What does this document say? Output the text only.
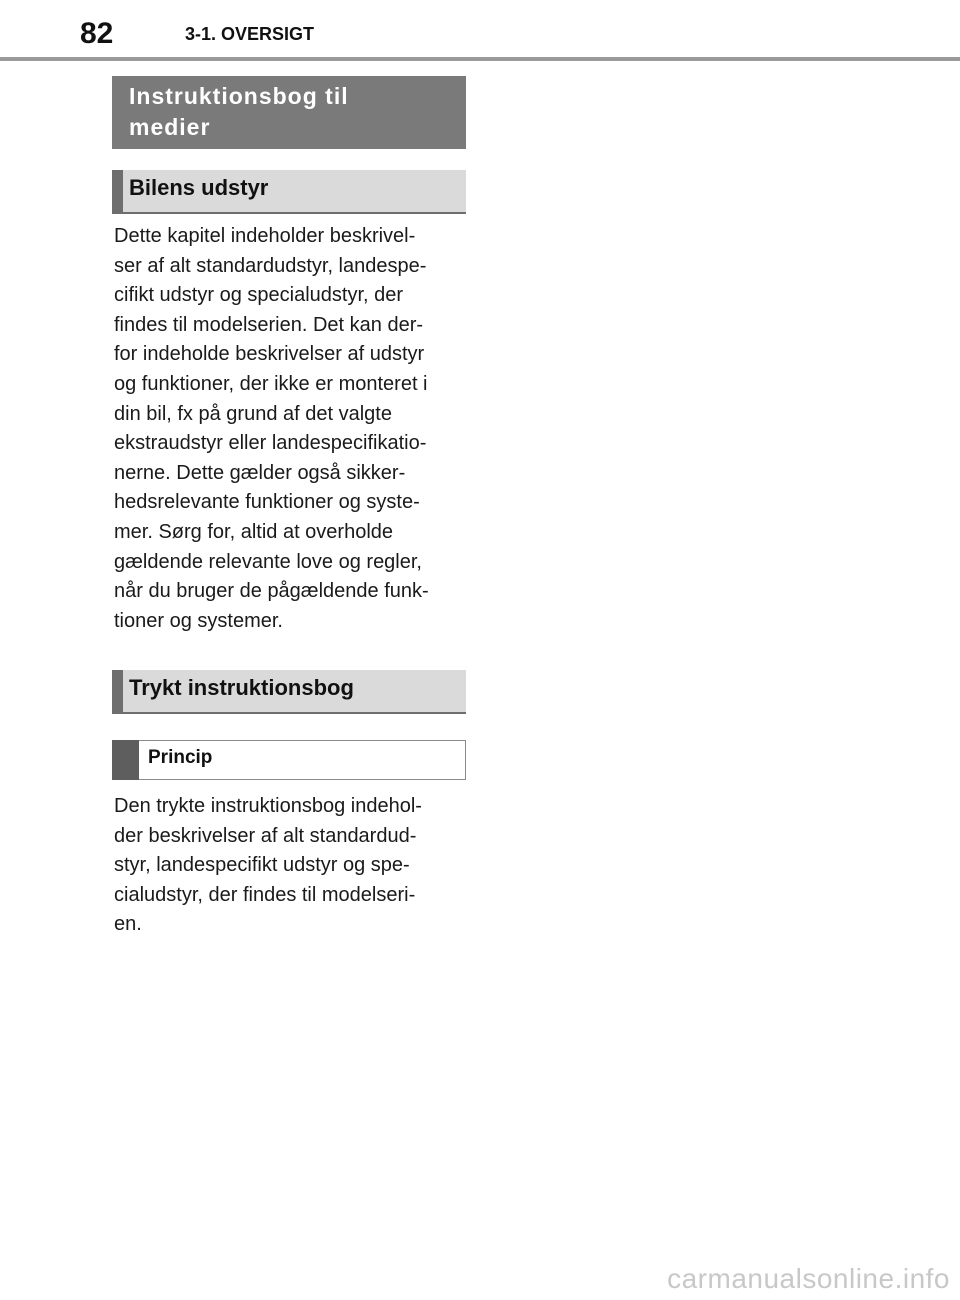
82	3-1. OVERSIGT
Instruktionsbog til
medier
Bilens udstyr
Dette kapitel indeholder beskrivel-
ser af alt standardudstyr, landespe-
cifikt udstyr og specialudstyr, der
findes til modelserien. Det kan der-
for indeholde beskrivelser af udstyr
og funktioner, der ikke er monteret i
din bil, fx på grund af det valgte
ekstraudstyr eller landespecifikatio-
nerne. Dette gælder også sikker-
hedsrelevante funktioner og syste-
mer. Sørg for, altid at overholde
gældende relevante love og regler,
når du bruger de pågældende funk-
tioner og systemer.
Trykt instruktionsbog
Princip
Den trykte instruktionsbog indehol-
der beskrivelser af alt standardud-
styr, landespecifikt udstyr og spe-
cialudstyr, der findes til modelseri-
en.
carmanualsonline.info
